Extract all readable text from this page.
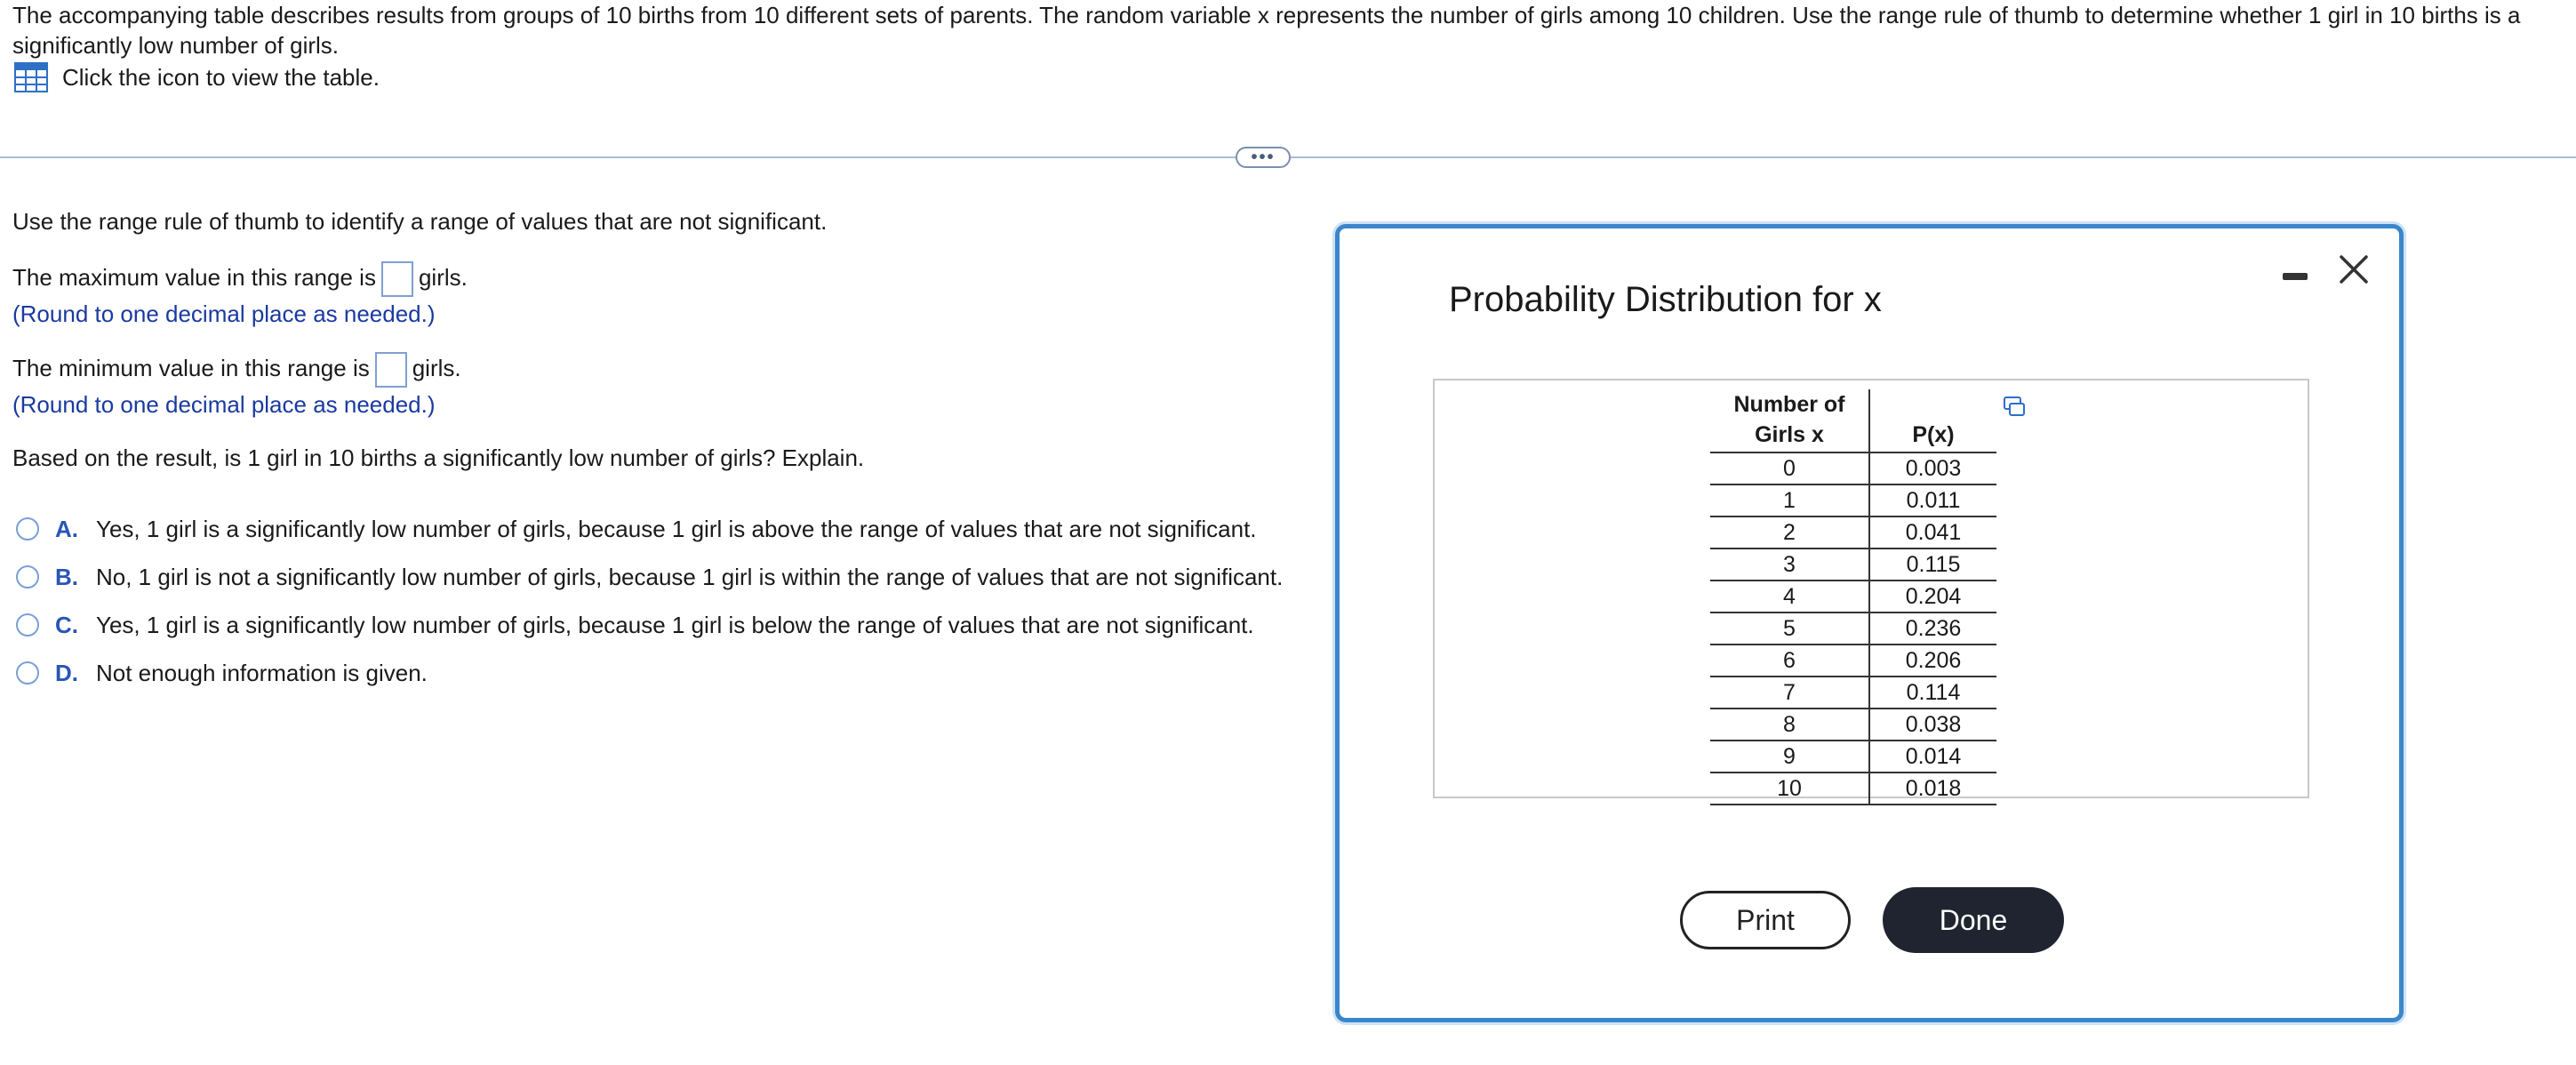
The accompanying table describes results from groups of 10 births from 10 different sets of parents. The random variable x represents the number of girls among 10 children. Use the range rule of thumb to determine whether 1 girl in 10 births is a significantly low number of girls.
Click the icon to view the table.
•••
Use the range rule of thumb to identify a range of values that are not significant.
The maximum value in this range is girls.
(Round to one decimal place as needed.)
The minimum value in this range is girls.
(Round to one decimal place as needed.)
Based on the result, is 1 girl in 10 births a significantly low number of girls? Explain.
A. Yes, 1 girl is a significantly low number of girls, because 1 girl is above the range of values that are not significant.
B. No, 1 girl is not a significantly low number of girls, because 1 girl is within the range of values that are not significant.
C. Yes, 1 girl is a significantly low number of girls, because 1 girl is below the range of values that are not significant.
D. Not enough information is given.
Probability Distribution for x
Number of
Girls x	P(x)
0	0.003
1	0.011
2	0.041
3	0.115
4	0.204
5	0.236
6	0.206
7	0.114
8	0.038
9	0.014
10	0.018
Print	Done
